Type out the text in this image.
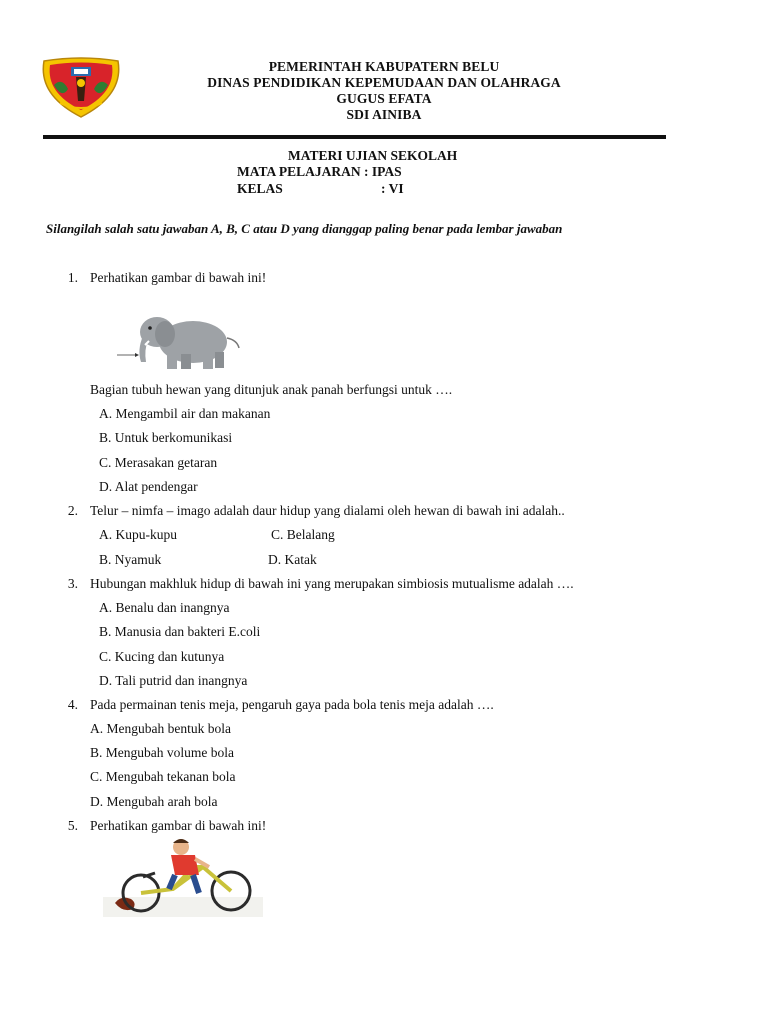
PEMERINTAH KABUPATERN BELU
DINAS PENDIDIKAN KEPEMUDAAN DAN OLAHRAGA
GUGUS EFATA
SDI AINIBA
MATERI UJIAN SEKOLAH
MATA PELAJARAN : IPAS
KELAS	: VI
Silangilah salah satu jawaban A, B, C atau D yang dianggap paling benar pada lembar jawaban
1. Perhatikan gambar di bawah ini!
Bagian tubuh hewan yang ditunjuk anak panah berfungsi untuk ….
A. Mengambil air dan makanan
B. Untuk berkomunikasi
C. Merasakan getaran
D. Alat pendengar
2. Telur – nimfa – imago adalah daur hidup yang dialami oleh hewan di bawah ini adalah..
A. Kupu-kupu	C. Belalang
B. Nyamuk	D. Katak
3. Hubungan makhluk hidup di bawah ini yang merupakan simbiosis mutualisme adalah ….
A. Benalu dan inangnya
B. Manusia dan bakteri E.coli
C. Kucing dan kutunya
D. Tali putrid dan inangnya
4. Pada permainan tenis meja, pengaruh gaya pada bola tenis meja adalah ….
A. Mengubah bentuk bola
B. Mengubah volume bola
C. Mengubah tekanan bola
D. Mengubah arah bola
5. Perhatikan gambar di bawah ini!
